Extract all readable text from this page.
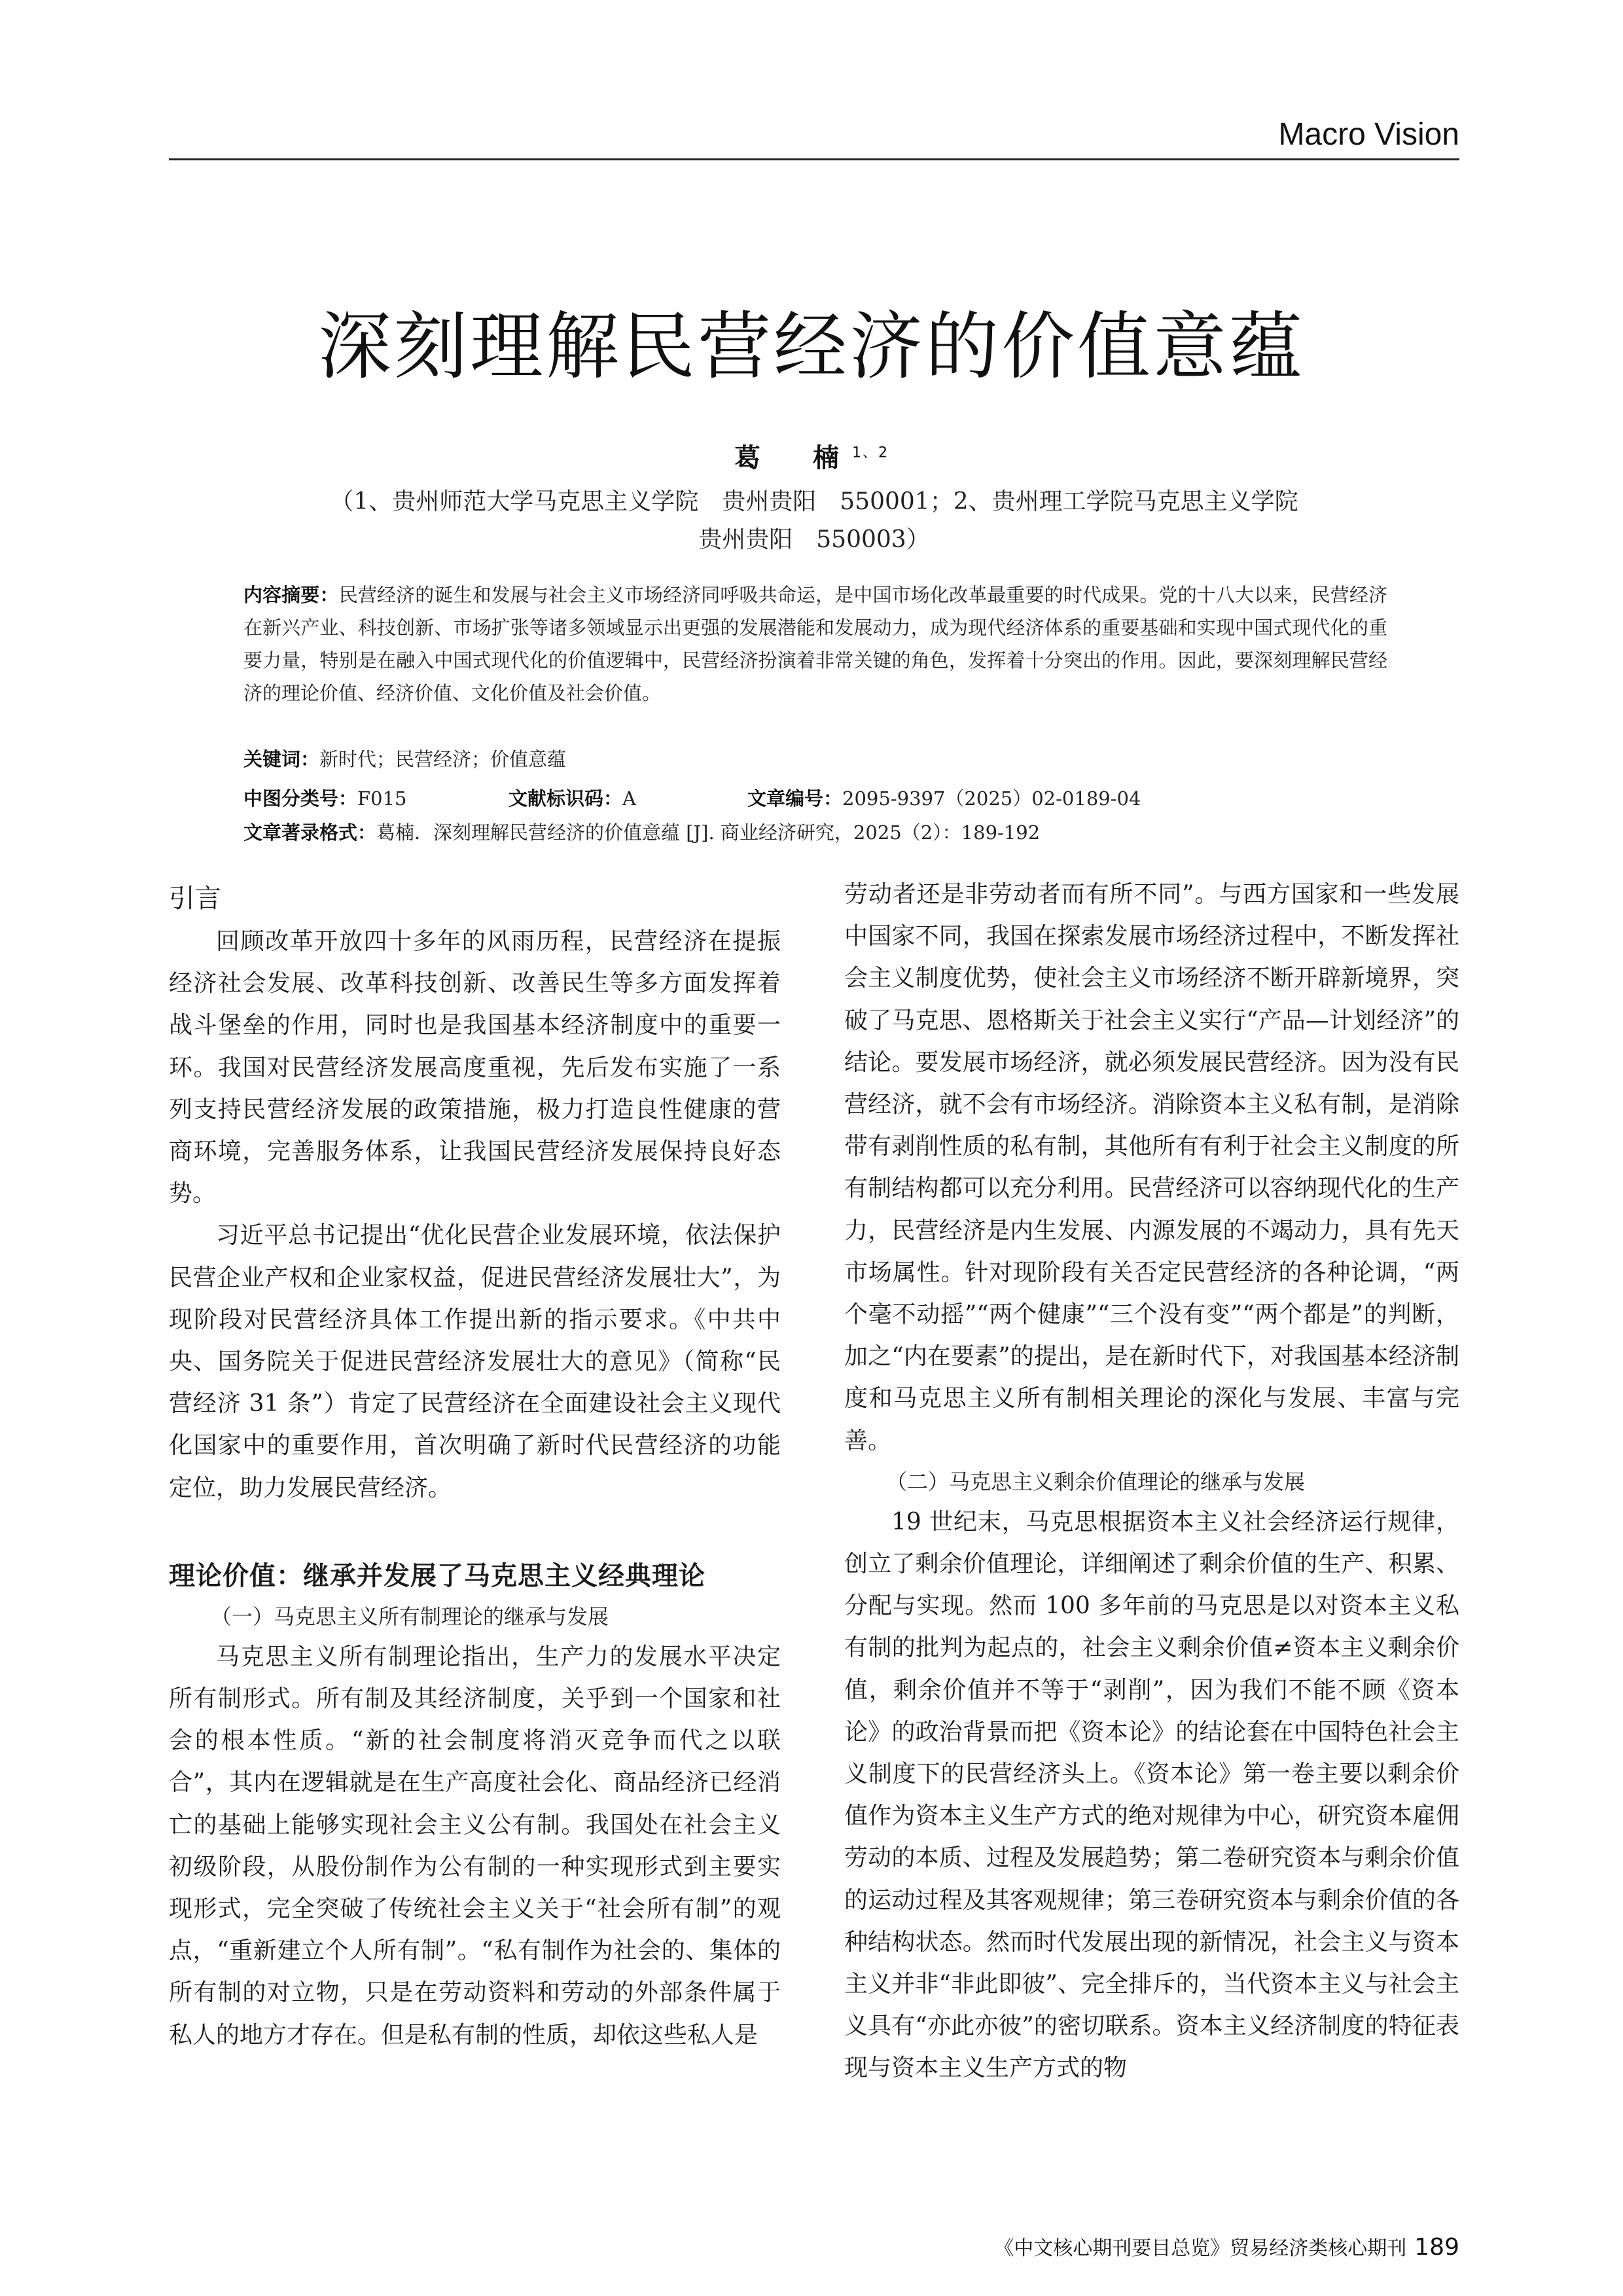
Macro Vision
深刻理解民营经济的价值意蕴
葛　楠$^{1、2}$
（1、贵州师范大学马克思主义学院　贵州贵阳　550001；2、贵州理工学院马克思主义学院
贵州贵阳　550003）
内容摘要：民营经济的诞生和发展与社会主义市场经济同呼吸共命运，是中国市场化改革最重要的时代成果。党的十八大以来，民营经济在新兴产业、科技创新、市场扩张等诸多领域显示出更强的发展潜能和发展动力，成为现代经济体系的重要基础和实现中国式现代化的重要力量，特别是在融入中国式现代化的价值逻辑中，民营经济扮演着非常关键的角色，发挥着十分突出的作用。因此，要深刻理解民营经济的理论价值、经济价值、文化价值及社会价值。
关键词：新时代；民营经济；价值意蕴
中图分类号：F015	文献标识码：A	文章编号：2095-9397（2025）02-0189-04
文章著录格式：葛楠．深刻理解民营经济的价值意蕴 [J]. 商业经济研究，2025（2）：189-192
引言

回顾改革开放四十多年的风雨历程，民营经济在提振经济社会发展、改革科技创新、改善民生等多方面发挥着战斗堡垒的作用，同时也是我国基本经济制度中的重要一环。我国对民营经济发展高度重视，先后发布实施了一系列支持民营经济发展的政策措施，极力打造良性健康的营商环境，完善服务体系，让我国民营经济发展保持良好态势。

习近平总书记提出“优化民营企业发展环境，依法保护民营企业产权和企业家权益，促进民营经济发展壮大”，为现阶段对民营经济具体工作提出新的指示要求。《中共中央、国务院关于促进民营经济发展壮大的意见》（简称“民营经济 31 条”）肯定了民营经济在全面建设社会主义现代化国家中的重要作用，首次明确了新时代民营经济的功能定位，助力发展民营经济。

理论价值：继承并发展了马克思主义经典理论

（一）马克思主义所有制理论的继承与发展

马克思主义所有制理论指出，生产力的发展水平决定所有制形式。所有制及其经济制度，关乎到一个国家和社会的根本性质。“新的社会制度将消灭竞争而代之以联合”，其内在逻辑就是在生产高度社会化、商品经济已经消亡的基础上能够实现社会主义公有制。我国处在社会主义初级阶段，从股份制作为公有制的一种实现形式到主要实现形式，完全突破了传统社会主义关于“社会所有制”的观点，“重新建立个人所有制”。“私有制作为社会的、集体的所有制的对立物，只是在劳动资料和劳动的外部条件属于私人的地方才存在。但是私有制的性质，却依这些私人是

劳动者还是非劳动者而有所不同”。与西方国家和一些发展中国家不同，我国在探索发展市场经济过程中，不断发挥社会主义制度优势，使社会主义市场经济不断开辟新境界，突破了马克思、恩格斯关于社会主义实行“产品—计划经济”的结论。要发展市场经济，就必须发展民营经济。因为没有民营经济，就不会有市场经济。消除资本主义私有制，是消除带有剥削性质的私有制，其他所有有利于社会主义制度的所有制结构都可以充分利用。民营经济可以容纳现代化的生产力，民营经济是内生发展、内源发展的不竭动力，具有先天市场属性。针对现阶段有关否定民营经济的各种论调，“两个毫不动摇”“两个健康”“三个没有变”“两个都是”的判断，加之“内在要素”的提出，是在新时代下，对我国基本经济制度和马克思主义所有制相关理论的深化与发展、丰富与完善。

（二）马克思主义剩余价值理论的继承与发展

19 世纪末，马克思根据资本主义社会经济运行规律，创立了剩余价值理论，详细阐述了剩余价值的生产、积累、分配与实现。然而 100 多年前的马克思是以对资本主义私有制的批判为起点的，社会主义剩余价值≠资本主义剩余价值，剩余价值并不等于“剥削”，因为我们不能不顾《资本论》的政治背景而把《资本论》的结论套在中国特色社会主义制度下的民营经济头上。《资本论》第一卷主要以剩余价值作为资本主义生产方式的绝对规律为中心，研究资本雇佣劳动的本质、过程及发展趋势；第二卷研究资本与剩余价值的运动过程及其客观规律；第三卷研究资本与剩余价值的各种结构状态。然而时代发展出现的新情况，社会主义与资本主义并非“非此即彼”、完全排斥的，当代资本主义与社会主义具有“亦此亦彼”的密切联系。资本主义经济制度的特征表现与资本主义生产方式的物

《中文核心期刊要目总览》贸易经济类核心期刊 189
